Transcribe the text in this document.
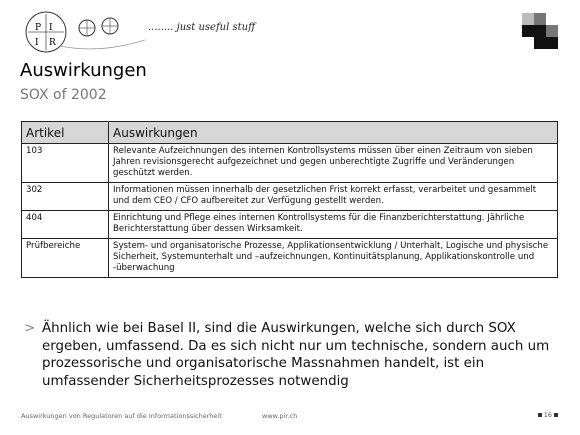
P I
I R
........ just useful stuff
Auswirkungen
SOX of 2002
Artikel	Auswirkungen
103	Relevante Aufzeichnungen des internen Kontrollsystems müssen über einen Zeitraum von sieben Jahren revisionsgerecht aufgezeichnet und gegen unberechtigte Zugriffe und Veränderungen geschützt werden.
302	Informationen müssen innerhalb der gesetzlichen Frist korrekt erfasst, verarbeitet und gesammelt und dem CEO / CFO aufbereitet zur Verfügung gestellt werden.
404	Einrichtung und Pflege eines internen Kontrollsystems für die Finanzberichterstattung. Jährliche Berichterstattung über dessen Wirksamkeit.
Prüfbereiche	System- und organisatorische Prozesse, Applikationsentwicklung / Unterhalt, Logische und physische Sicherheit, Systemunterhalt und –aufzeichnungen, Kontinuitätsplanung, Applikationskontrolle und -überwachung
> Ähnlich wie bei Basel II, sind die Auswirkungen, welche sich durch SOX ergeben, umfassend. Da es sich nicht nur um technische, sondern auch um prozessorische und organisatorische Massnahmen handelt, ist ein umfassender Sicherheitsprozesses notwendig
Auswirkungen von Regulatoren auf die Informationssicherheit	www.pir.ch	16
